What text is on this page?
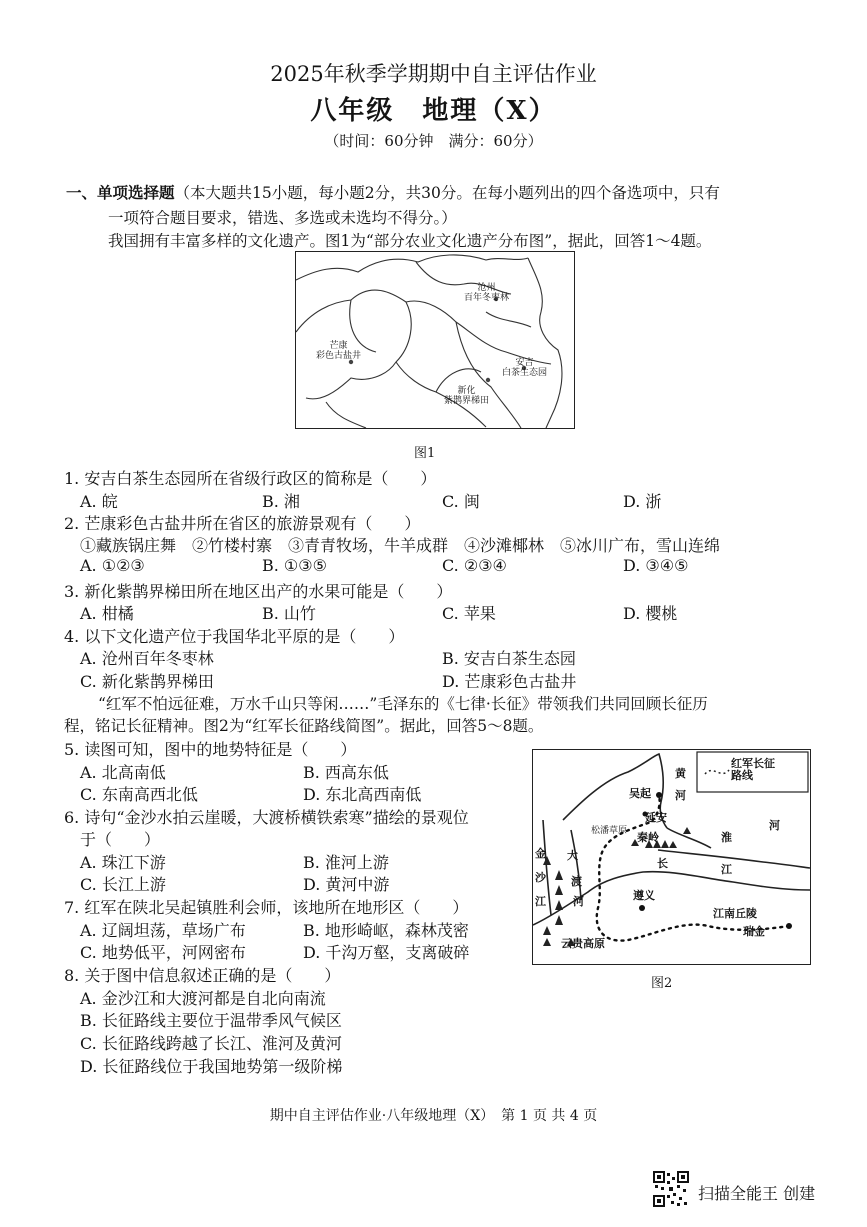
2025年秋季学期期中自主评估作业
八年级　地理（X）
（时间：60分钟　满分：60分）
一、单项选择题（本大题共15小题，每小题2分，共30分。在每小题列出的四个备选项中，只有
一项符合题目要求，错选、多选或未选均不得分。）
我国拥有丰富多样的文化遗产。图1为“部分农业文化遗产分布图”，据此，回答1～4题。
沧州
百年冬枣林
芒康
彩色古盐井
安吉
白茶生态园
新化
紫鹊界梯田
图1
1. 安吉白茶生态园所在省级行政区的简称是（　　）
A. 皖	B. 湘	C. 闽	D. 浙
2. 芒康彩色古盐井所在省区的旅游景观有（　　）
①藏族锅庄舞　②竹楼村寨　③青青牧场，牛羊成群　④沙滩椰林　⑤冰川广布，雪山连绵
A. ①②③	B. ①③⑤	C. ②③④	D. ③④⑤
3. 新化紫鹊界梯田所在地区出产的水果可能是（　　）
A. 柑橘	B. 山竹	C. 苹果	D. 樱桃
4. 以下文化遗产位于我国华北平原的是（　　）
A. 沧州百年冬枣林	B. 安吉白茶生态园
C. 新化紫鹊界梯田	D. 芒康彩色古盐井
“红军不怕远征难，万水千山只等闲……”毛泽东的《七律·长征》带领我们共同回顾长征历
程，铭记长征精神。图2为“红军长征路线简图”。据此，回答5～8题。
5. 读图可知，图中的地势特征是（　　）
A. 北高南低	B. 西高东低
C. 东南高西北低	D. 东北高西南低
6. 诗句“金沙水拍云崖暖，大渡桥横铁索寒”描绘的景观位
于（　　）
A. 珠江下游	B. 淮河上游
C. 长江上游	D. 黄河中游
7. 红军在陕北吴起镇胜利会师，该地所在地形区（　　）
A. 辽阔坦荡，草场广布	B. 地形崎岖，森林茂密
C. 地势低平，河网密布	D. 千沟万壑，支离破碎
8. 关于图中信息叙述正确的是（　　）
A. 金沙江和大渡河都是自北向南流
B. 长征路线主要位于温带季风气候区
C. 长征路线跨越了长江、淮河及黄河
D. 长征路线位于我国地势第一级阶梯
红军长征
路线
吴起
延安
黄
河
河
淮
秦岭
松潘草原
金
沙
江
大
渡
河
长	江
遵义
江南丘陵
瑞金
云贵高原
图2
期中自主评估作业·八年级地理（X）　第 1 页 共 4 页
扫描全能王 创建
